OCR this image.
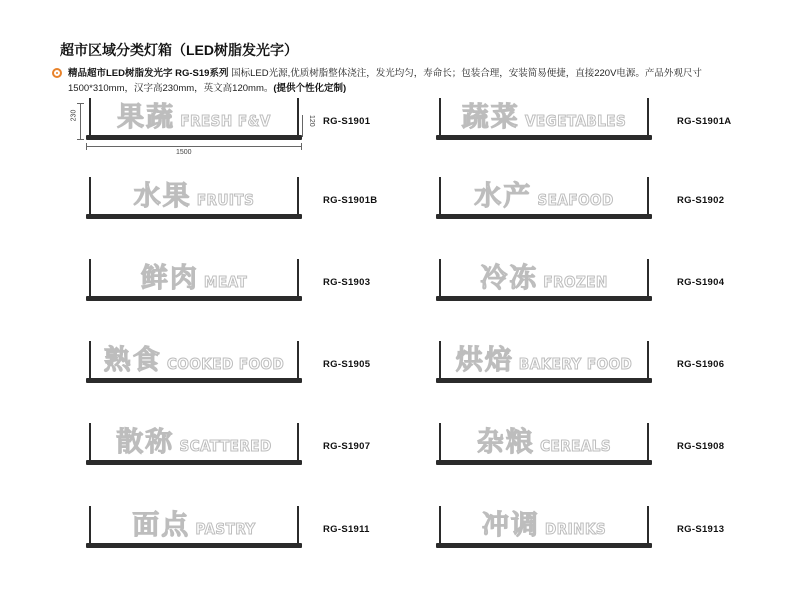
超市区域分类灯箱（LED树脂发光字）
精品超市LED树脂发光字 RG-S19系列 国标LED光源,优质树脂整体浇注，发光均匀，寿命长；包装合理，安装简易便捷，直接220V电源。产品外观尺寸1500*310mm，汉字高230mm，英文高120mm。(提供个性化定制)
230	120
1500
果蔬 FRESH F&V	RG-S1901	蔬菜 VEGETABLES	RG-S1901A
水果 FRUITS	RG-S1901B	水产 SEAFOOD	RG-S1902
鲜肉 MEAT	RG-S1903	冷冻 FROZEN	RG-S1904
熟食 COOKED FOOD	RG-S1905	烘焙 BAKERY FOOD	RG-S1906
散称 SCATTERED	RG-S1907	杂粮 CEREALS	RG-S1908
面点 PASTRY	RG-S1911	冲调 DRINKS	RG-S1913
